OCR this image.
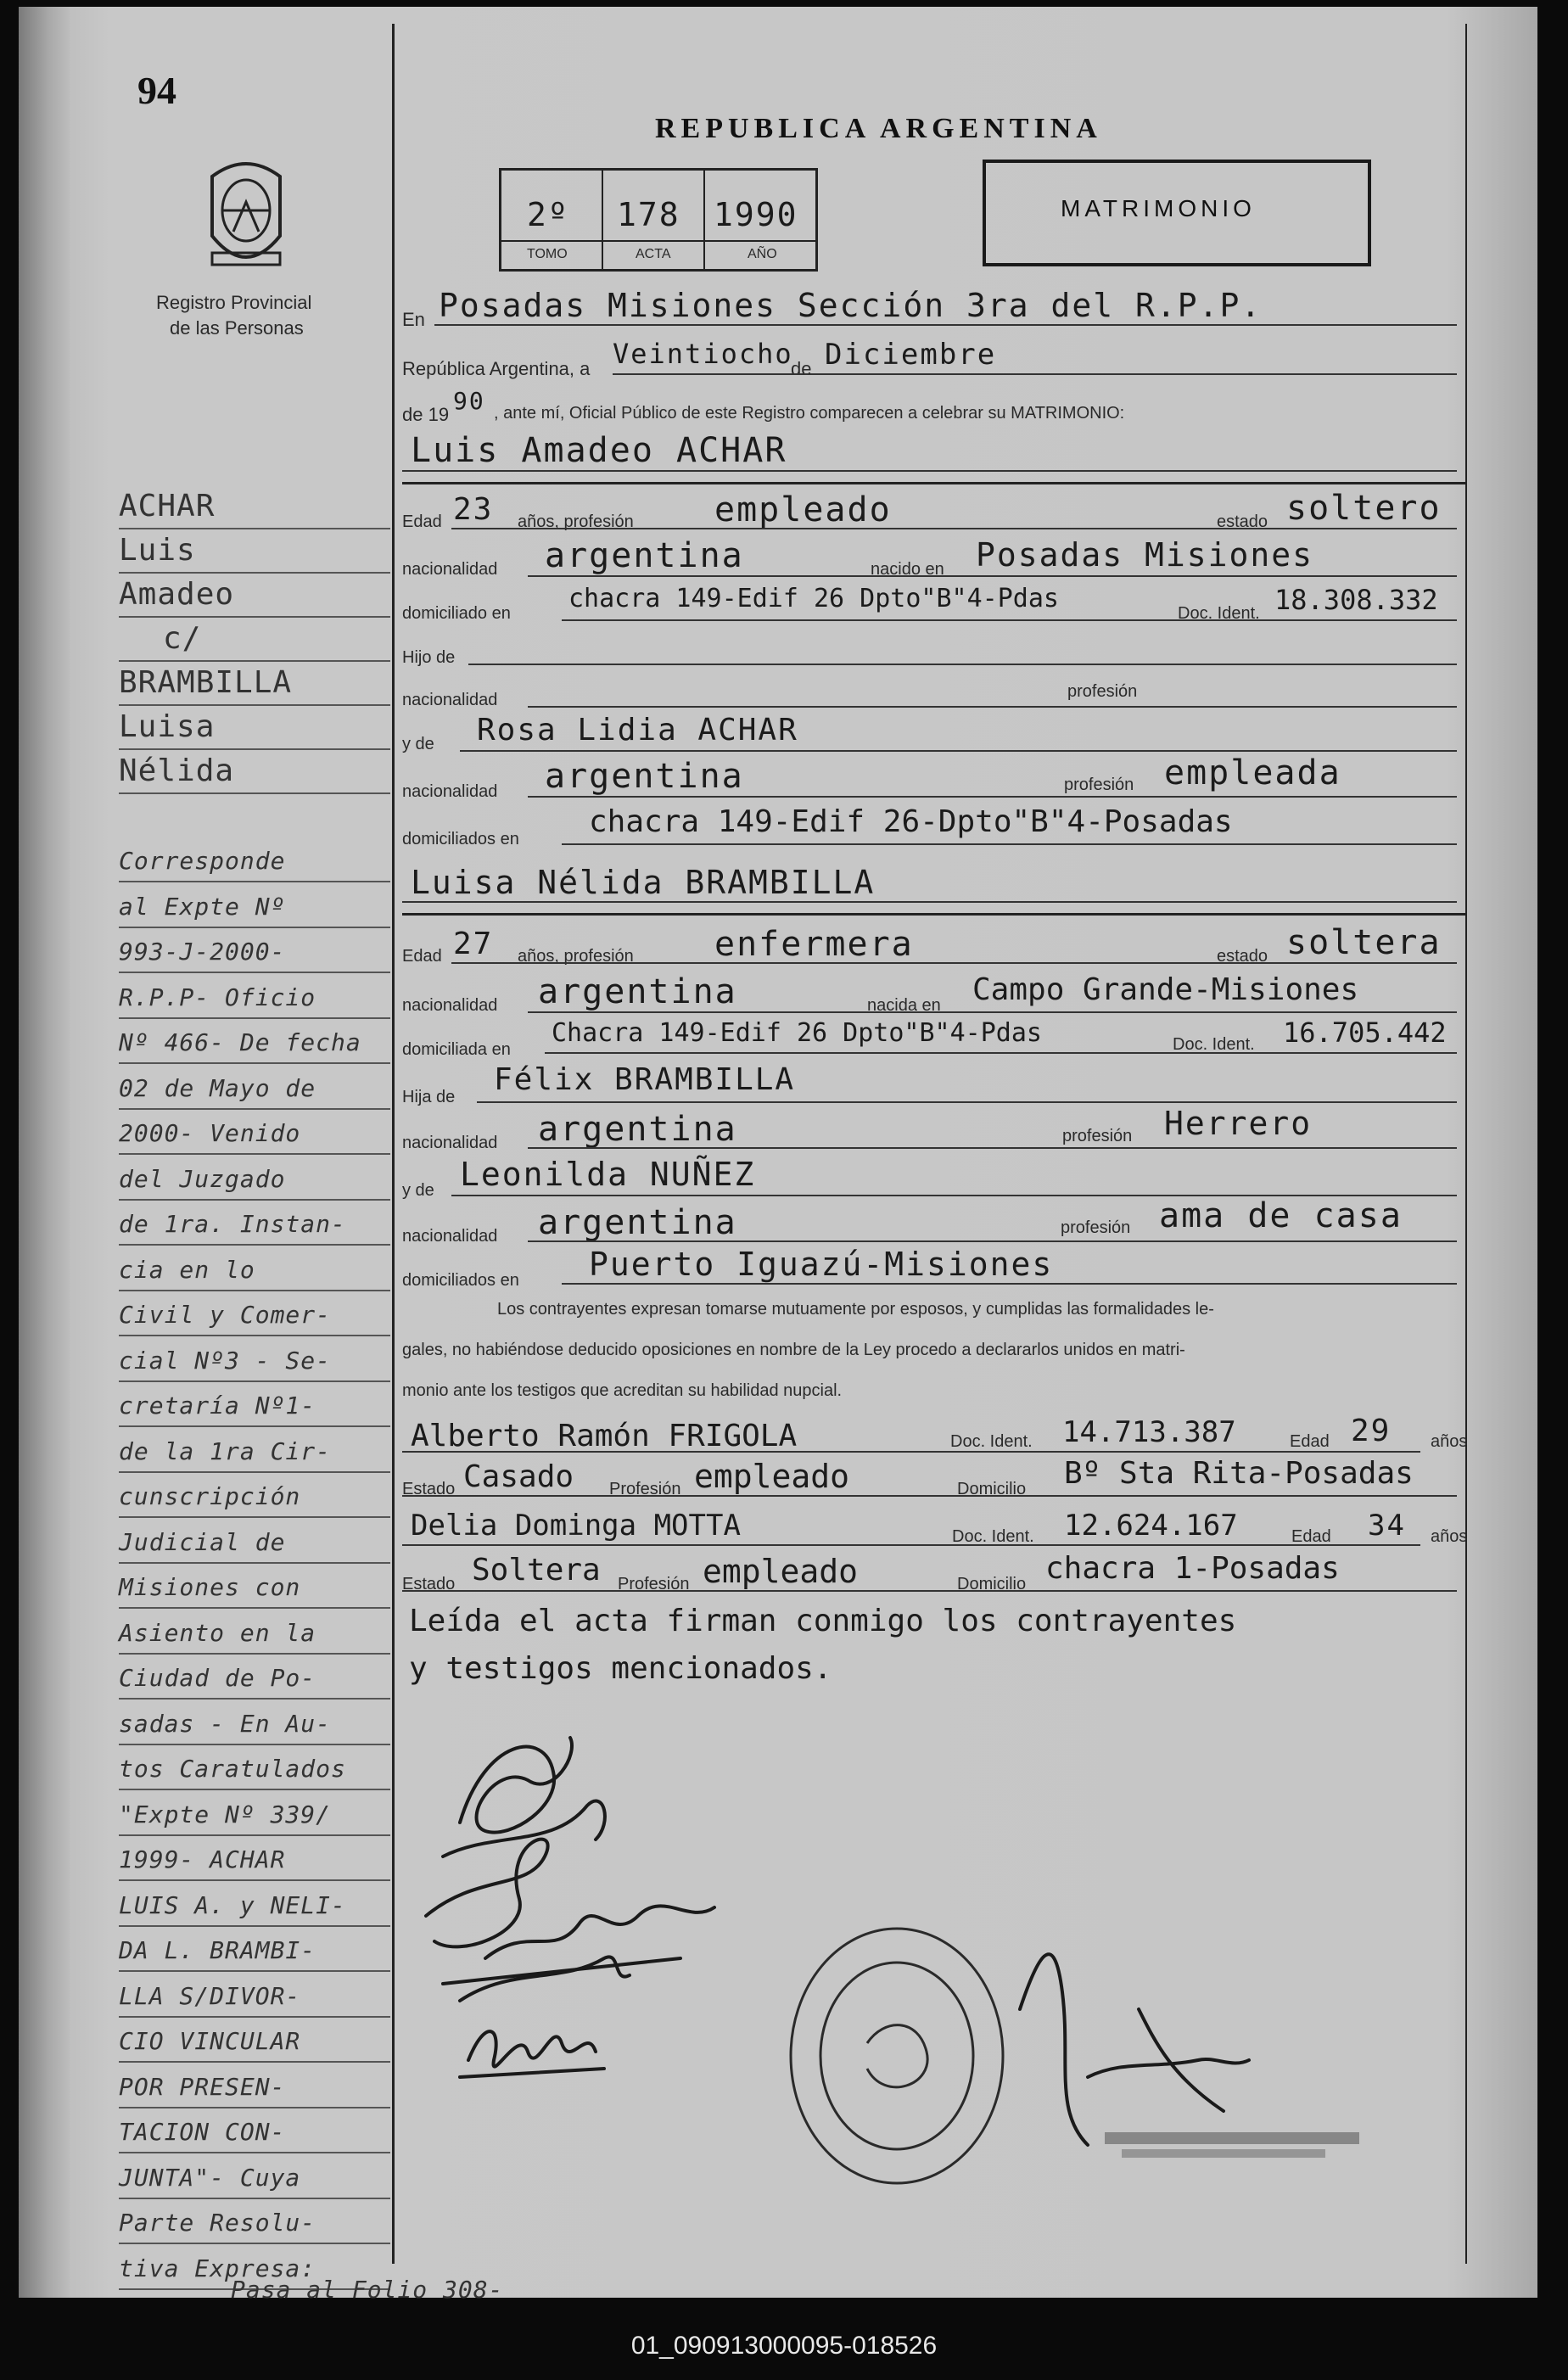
94
Registro Provincial
de las Personas
REPUBLICA ARGENTINA
2º 178 1990
TOMO	ACTA	AÑO
MATRIMONIO
En Posadas Misiones Sección 3ra del R.P.P.
República Argentina, a Veintiocho
de Diciembre
de 19 90 , ante mí, Oficial Público de este Registro comparecen a celebrar su MATRIMONIO:
Luis Amadeo ACHAR
Edad 23 años, profesión empleado	estado soltero
nacionalidad argentina	nacido en Posadas Misiones
domiciliado en chacra 149-Edif 26 Dpto"B"4-Pdas	Doc. Ident. 18.308.332
Hijo de
nacionalidad	profesión
y de Rosa Lidia ACHAR
nacionalidad argentina	profesión empleada
domiciliados en chacra 149-Edif 26-Dpto"B"4-Posadas
Luisa Nélida BRAMBILLA
Edad 27 años, profesión enfermera	estado soltera
nacionalidad argentina	nacida en Campo Grande-Misiones
domiciliada en
Chacra 149-Edif 26 Dpto"B"4-Pdas	Doc. Ident. 16.705.442
Hija de Félix BRAMBILLA
nacionalidad argentina	profesión Herrero
y de Leonilda NUÑEZ
nacionalidad argentina	profesión ama de casa
domiciliados en Puerto Iguazú-Misiones
Los contrayentes expresan tomarse mutuamente por esposos, y cumplidas las formalidades le-
gales, no habiéndose deducido oposiciones en nombre de la Ley procedo a declararlos unidos en matri-
monio ante los testigos que acreditan su habilidad nupcial.
Alberto Ramón FRIGOLA	Doc. Ident. 14.713.387	Edad 29 años
Estado Casado Profesión empleado	Domicilio Bº Sta Rita-Posadas
Delia Dominga MOTTA	Doc. Ident. 12.624.167	Edad 34 años
Estado Soltera Profesión empleado	Domicilio chacra 1-Posadas
Leída el acta firman conmigo los contrayentes
y testigos mencionados.
ACHAR
Luis
Amadeo
c/
BRAMBILLA
Luisa
Nélida
Corresponde
al Expte Nº
993-J-2000-
R.P.P- Oficio
Nº 466- De fecha
02 de Mayo de
2000- Venido
del Juzgado
de 1ra. Instan-
cia en lo
Civil y Comer-
cial Nº3 - Se-
cretaría Nº1-
de la 1ra Cir-
cunscripción
Judicial de
Misiones con
Asiento en la
Ciudad de Po-
sadas - En Au-
tos Caratulados
"Expte Nº 339/
1999- ACHAR
LUIS A. y NELI-
DA L. BRAMBI-
LLA S/DIVOR-
CIO VINCULAR
POR PRESEN-
TACION CON-
JUNTA"- Cuya
Parte Resolu-
tiva Expresa:
Pasa al Folio 308-
01_090913000095-018526
